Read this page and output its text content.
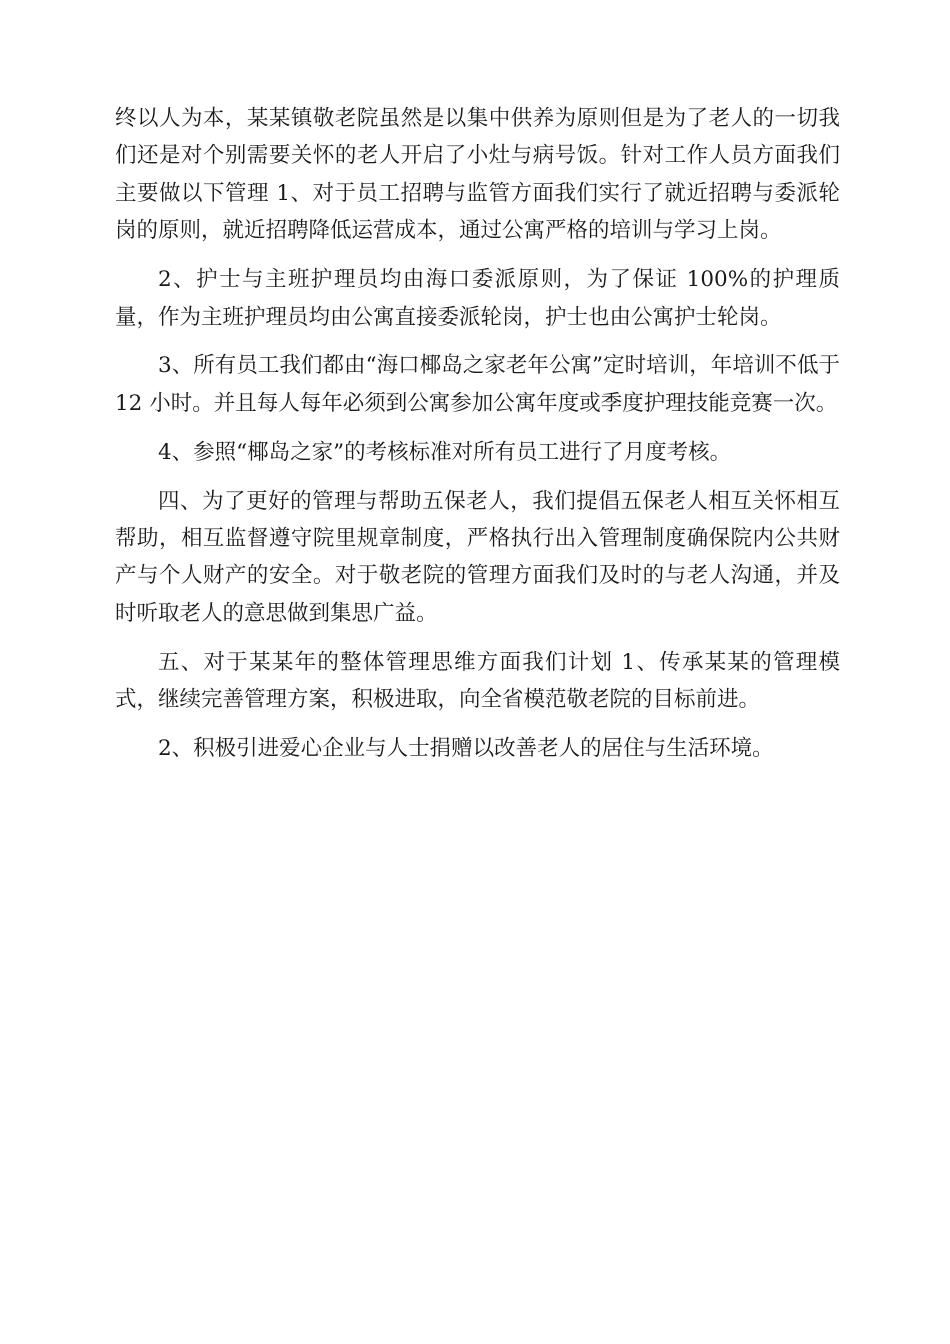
终以人为本，某某镇敬老院虽然是以集中供养为原则但是为了老人的一切我们还是对个别需要关怀的老人开启了小灶与病号饭。针对工作人员方面我们主要做以下管理 1、对于员工招聘与监管方面我们实行了就近招聘与委派轮岗的原则，就近招聘降低运营成本，通过公寓严格的培训与学习上岗。

2、护士与主班护理员均由海口委派原则，为了保证 100%的护理质量，作为主班护理员均由公寓直接委派轮岗，护士也由公寓护士轮岗。

3、所有员工我们都由“海口椰岛之家老年公寓”定时培训，年培训不低于 12 小时。并且每人每年必须到公寓参加公寓年度或季度护理技能竞赛一次。

4、参照“椰岛之家”的考核标准对所有员工进行了月度考核。

四、为了更好的管理与帮助五保老人，我们提倡五保老人相互关怀相互帮助，相互监督遵守院里规章制度，严格执行出入管理制度确保院内公共财产与个人财产的安全。对于敬老院的管理方面我们及时的与老人沟通，并及时听取老人的意思做到集思广益。

五、对于某某年的整体管理思维方面我们计划 1、传承某某的管理模式，继续完善管理方案，积极进取，向全省模范敬老院的目标前进。

2、积极引进爱心企业与人士捐赠以改善老人的居住与生活环境。
